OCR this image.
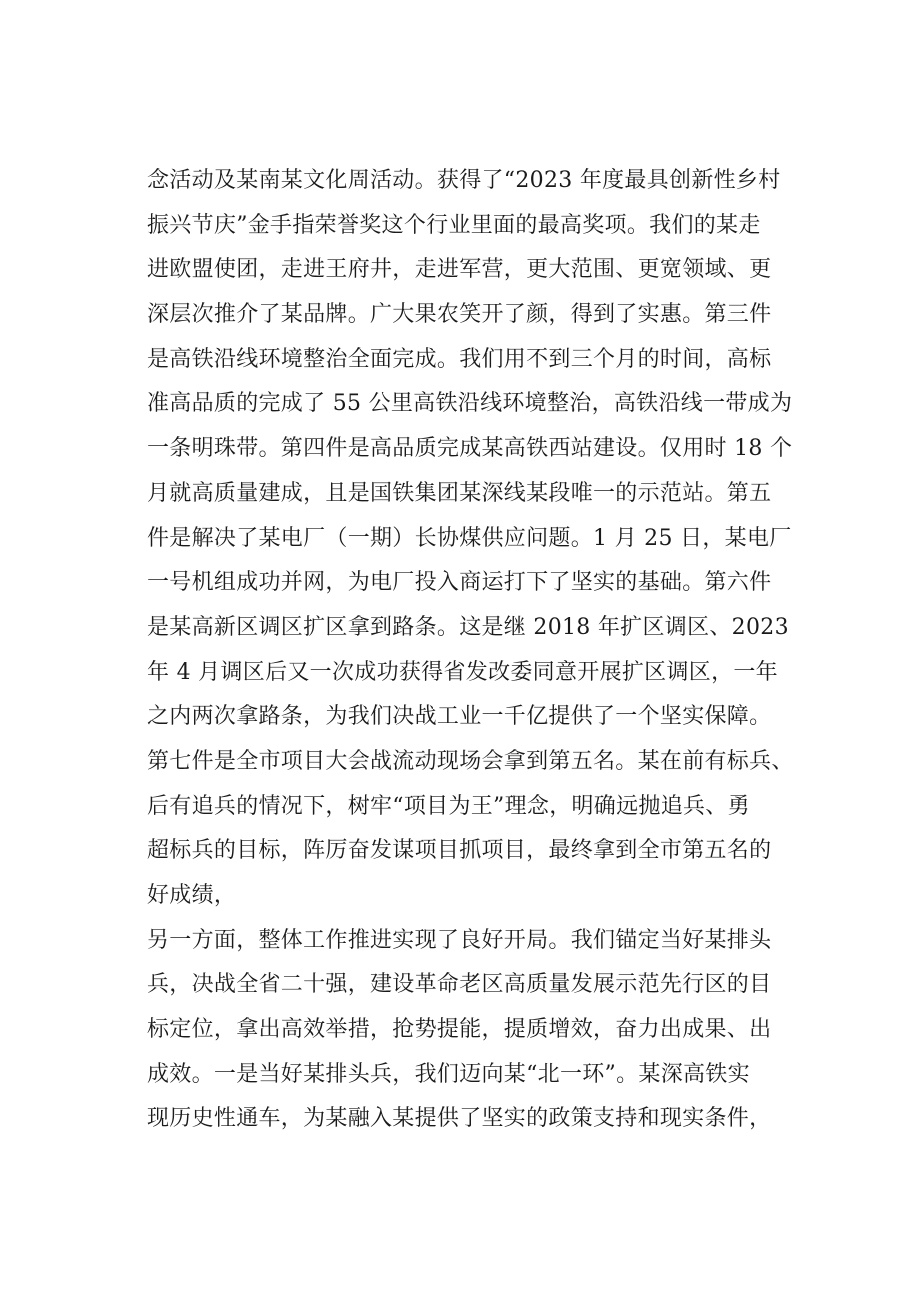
念活动及某南某文化周活动。获得了“2023 年度最具创新性乡村
振兴节庆”金手指荣誉奖这个行业里面的最高奖项。我们的某走
进欧盟使团，走进王府井，走进军营，更大范围、更宽领域、更
深层次推介了某品牌。广大果农笑开了颜，得到了实惠。第三件
是高铁沿线环境整治全面完成。我们用不到三个月的时间，高标
准高品质的完成了 55 公里高铁沿线环境整治，高铁沿线一带成为
一条明珠带。第四件是高品质完成某高铁西站建设。仅用时 18 个
月就高质量建成，且是国铁集团某深线某段唯一的示范站。第五
件是解决了某电厂（一期）长协煤供应问题。1 月 25 日，某电厂
一号机组成功并网，为电厂投入商运打下了坚实的基础。第六件
是某高新区调区扩区拿到路条。这是继 2018 年扩区调区、2023
年 4 月调区后又一次成功获得省发改委同意开展扩区调区，一年
之内两次拿路条，为我们决战工业一千亿提供了一个坚实保障。
第七件是全市项目大会战流动现场会拿到第五名。某在前有标兵、
后有追兵的情况下，树牢“项目为王”理念，明确远抛追兵、勇
超标兵的目标，阵厉奋发谋项目抓项目，最终拿到全市第五名的
好成绩，
另一方面，整体工作推进实现了良好开局。我们锚定当好某排头
兵，决战全省二十强，建设革命老区高质量发展示范先行区的目
标定位，拿出高效举措，抢势提能，提质增效，奋力出成果、出
成效。一是当好某排头兵，我们迈向某“北一环”。某深高铁实
现历史性通车，为某融入某提供了坚实的政策支持和现实条件，
